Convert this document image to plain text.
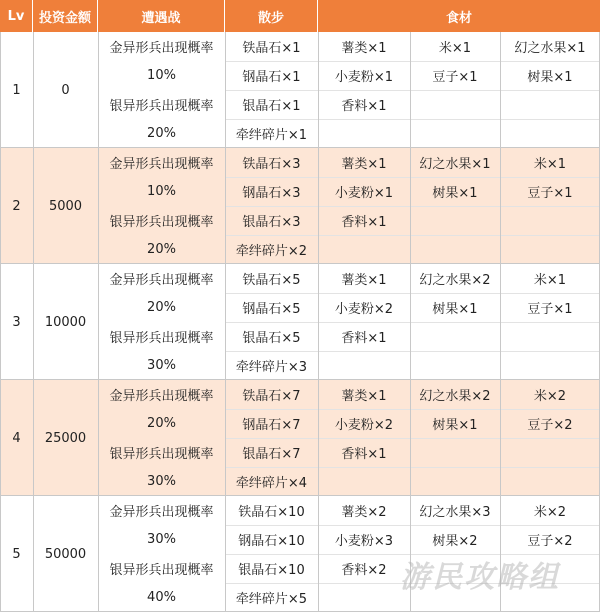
Lv	投资金额	遭遇战	散步	食材
1	0
金异形兵出现概率	铁晶石×1	薯类×1	米×1	幻之水果×1
10%	钢晶石×1	小麦粉×1	豆子×1	树果×1
银异形兵出现概率	银晶石×1	香料×1
20%	牵绊碎片×1
2	5000
金异形兵出现概率	铁晶石×3	薯类×1	幻之水果×1	米×1
10%	钢晶石×3	小麦粉×1	树果×1	豆子×1
银异形兵出现概率	银晶石×3	香料×1
20%	牵绊碎片×2
3	10000
金异形兵出现概率	铁晶石×5	薯类×1	幻之水果×2	米×1
20%	钢晶石×5	小麦粉×2	树果×1	豆子×1
银异形兵出现概率	银晶石×5	香料×1
30%	牵绊碎片×3
4	25000
金异形兵出现概率	铁晶石×7	薯类×1	幻之水果×2	米×2
20%	钢晶石×7	小麦粉×2	树果×1	豆子×2
银异形兵出现概率	银晶石×7	香料×1
30%	牵绊碎片×4
5	50000
金异形兵出现概率	铁晶石×10	薯类×2	幻之水果×3	米×2
30%	钢晶石×10	小麦粉×3	树果×2	豆子×2
银异形兵出现概率	银晶石×10	香料×2
40%	牵绊碎片×5
游民攻略组
